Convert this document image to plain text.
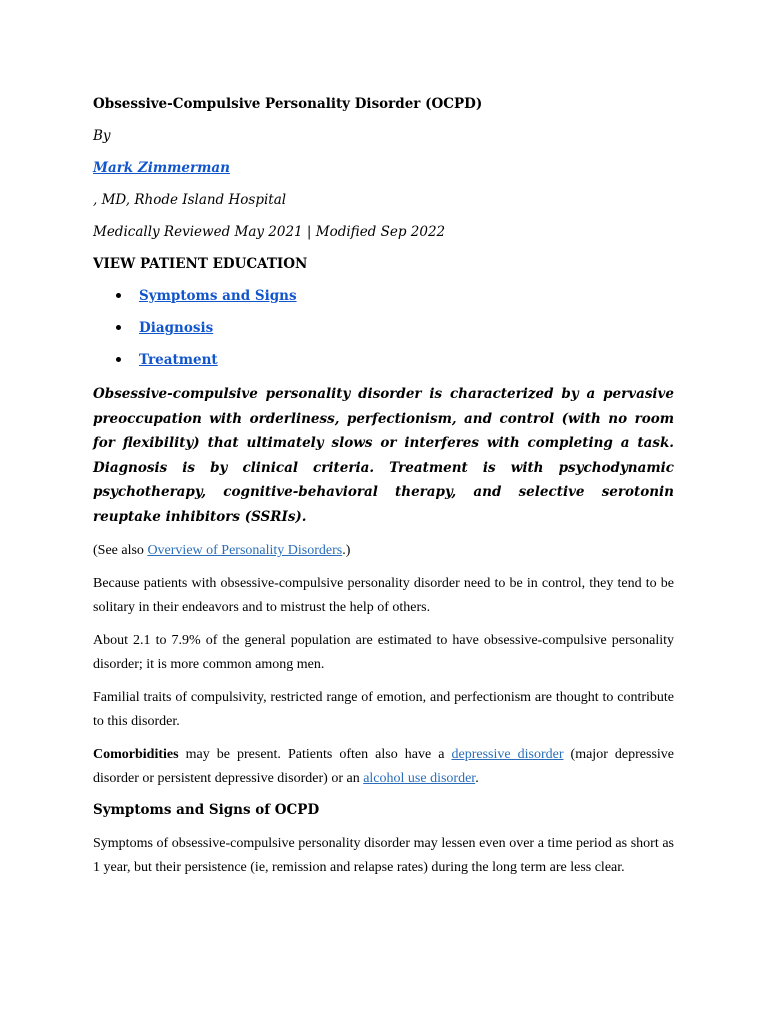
Obsessive-Compulsive Personality Disorder (OCPD)

By

Mark Zimmerman

, MD, Rhode Island Hospital

Medically Reviewed May 2021 | Modified Sep 2022

VIEW PATIENT EDUCATION

Symptoms and Signs
Diagnosis
Treatment

Obsessive-compulsive personality disorder is characterized by a pervasive preoccupation with orderliness, perfectionism, and control (with no room for flexibility) that ultimately slows or interferes with completing a task. Diagnosis is by clinical criteria. Treatment is with psychodynamic psychotherapy, cognitive-behavioral therapy, and selective serotonin reuptake inhibitors (SSRIs).

(See also Overview of Personality Disorders.)

Because patients with obsessive-compulsive personality disorder need to be in control, they tend to be solitary in their endeavors and to mistrust the help of others.

About 2.1 to 7.9% of the general population are estimated to have obsessive-compulsive personality disorder; it is more common among men.

Familial traits of compulsivity, restricted range of emotion, and perfectionism are thought to contribute to this disorder.

Comorbidities may be present. Patients often also have a depressive disorder (major depressive disorder or persistent depressive disorder) or an alcohol use disorder.

Symptoms and Signs of OCPD

Symptoms of obsessive-compulsive personality disorder may lessen even over a time period as short as 1 year, but their persistence (ie, remission and relapse rates) during the long term are less clear.
